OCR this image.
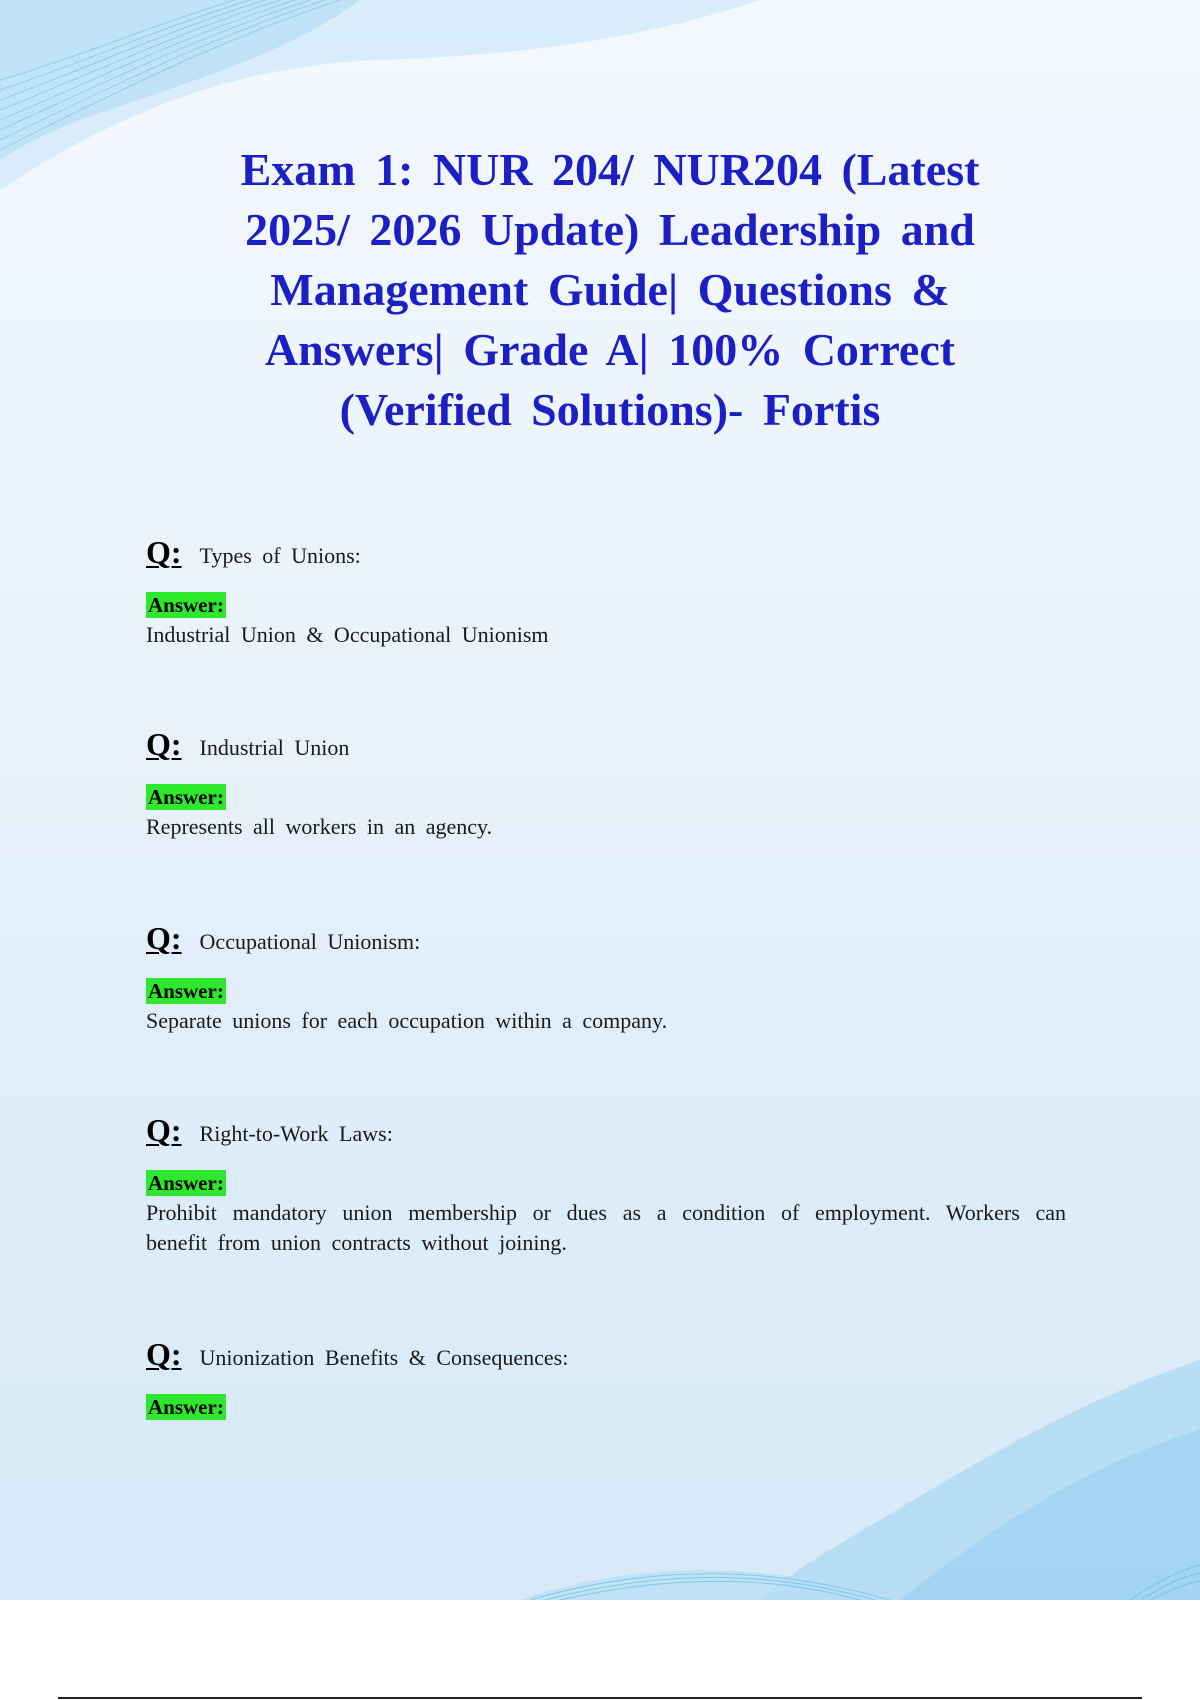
Exam 1: NUR 204/ NUR204 (Latest 2025/ 2026 Update) Leadership and Management Guide| Questions & Answers| Grade A| 100% Correct (Verified Solutions)- Fortis
Q: Types of Unions:
Answer:

Industrial Union & Occupational Unionism

Q: Industrial Union
Answer:

Represents all workers in an agency.

Q: Occupational Unionism:
Answer:

Separate unions for each occupation within a company.

Q: Right-to-Work Laws:
Answer:

Prohibit mandatory union membership or dues as a condition of employment. Workers can benefit from union contracts without joining.

Q: Unionization Benefits & Consequences:
Answer:
